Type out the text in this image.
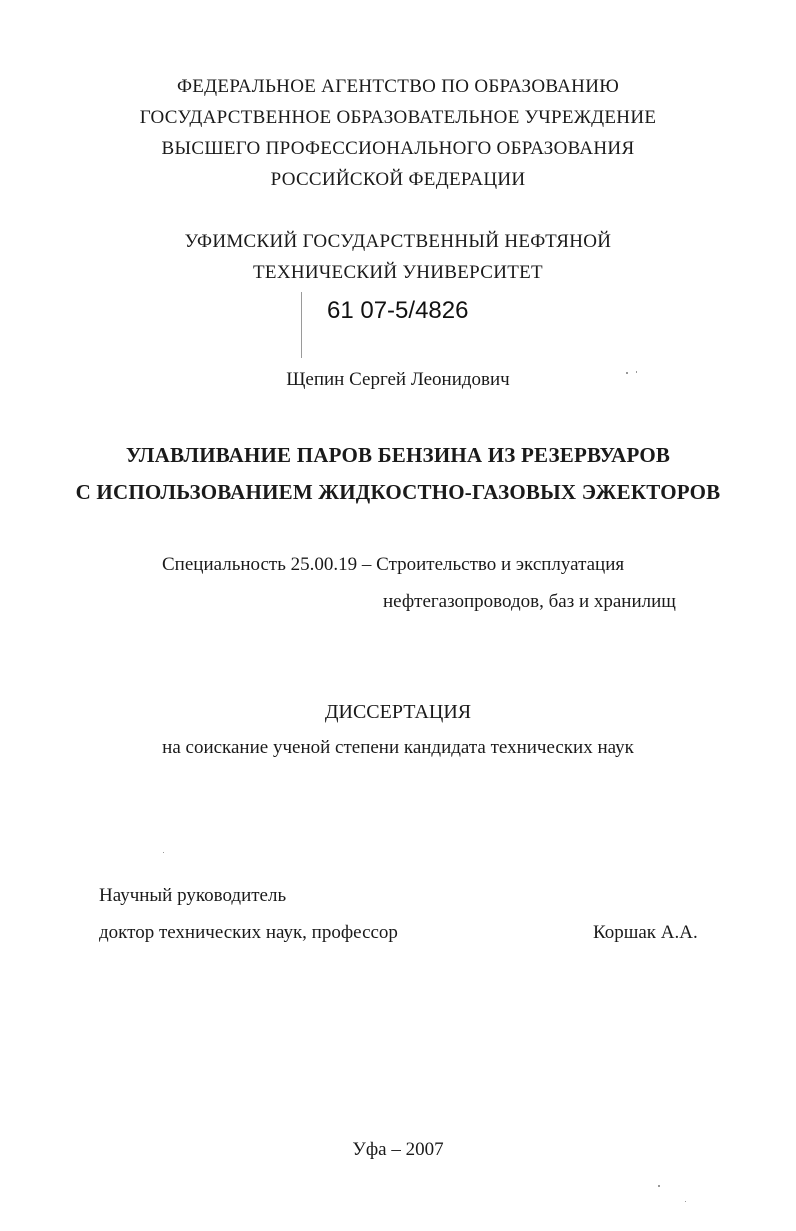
ФЕДЕРАЛЬНОЕ АГЕНТСТВО ПО ОБРАЗОВАНИЮ
ГОСУДАРСТВЕННОЕ ОБРАЗОВАТЕЛЬНОЕ УЧРЕЖДЕНИЕ
ВЫСШЕГО ПРОФЕССИОНАЛЬНОГО ОБРАЗОВАНИЯ
РОССИЙСКОЙ ФЕДЕРАЦИИ
УФИМСКИЙ ГОСУДАРСТВЕННЫЙ НЕФТЯНОЙ
ТЕХНИЧЕСКИЙ УНИВЕРСИТЕТ
61 07-5/4826
Щепин Сергей Леонидович
УЛАВЛИВАНИЕ ПАРОВ БЕНЗИНА ИЗ РЕЗЕРВУАРОВ
С ИСПОЛЬЗОВАНИЕМ ЖИДКОСТНО-ГАЗОВЫХ ЭЖЕКТОРОВ
Специальность 25.00.19 – Строительство и эксплуатация
нефтегазопроводов, баз и хранилищ
ДИССЕРТАЦИЯ
на соискание ученой степени кандидата технических наук
Научный руководитель
доктор технических наук, профессор	Коршак А.А.
Уфа – 2007
